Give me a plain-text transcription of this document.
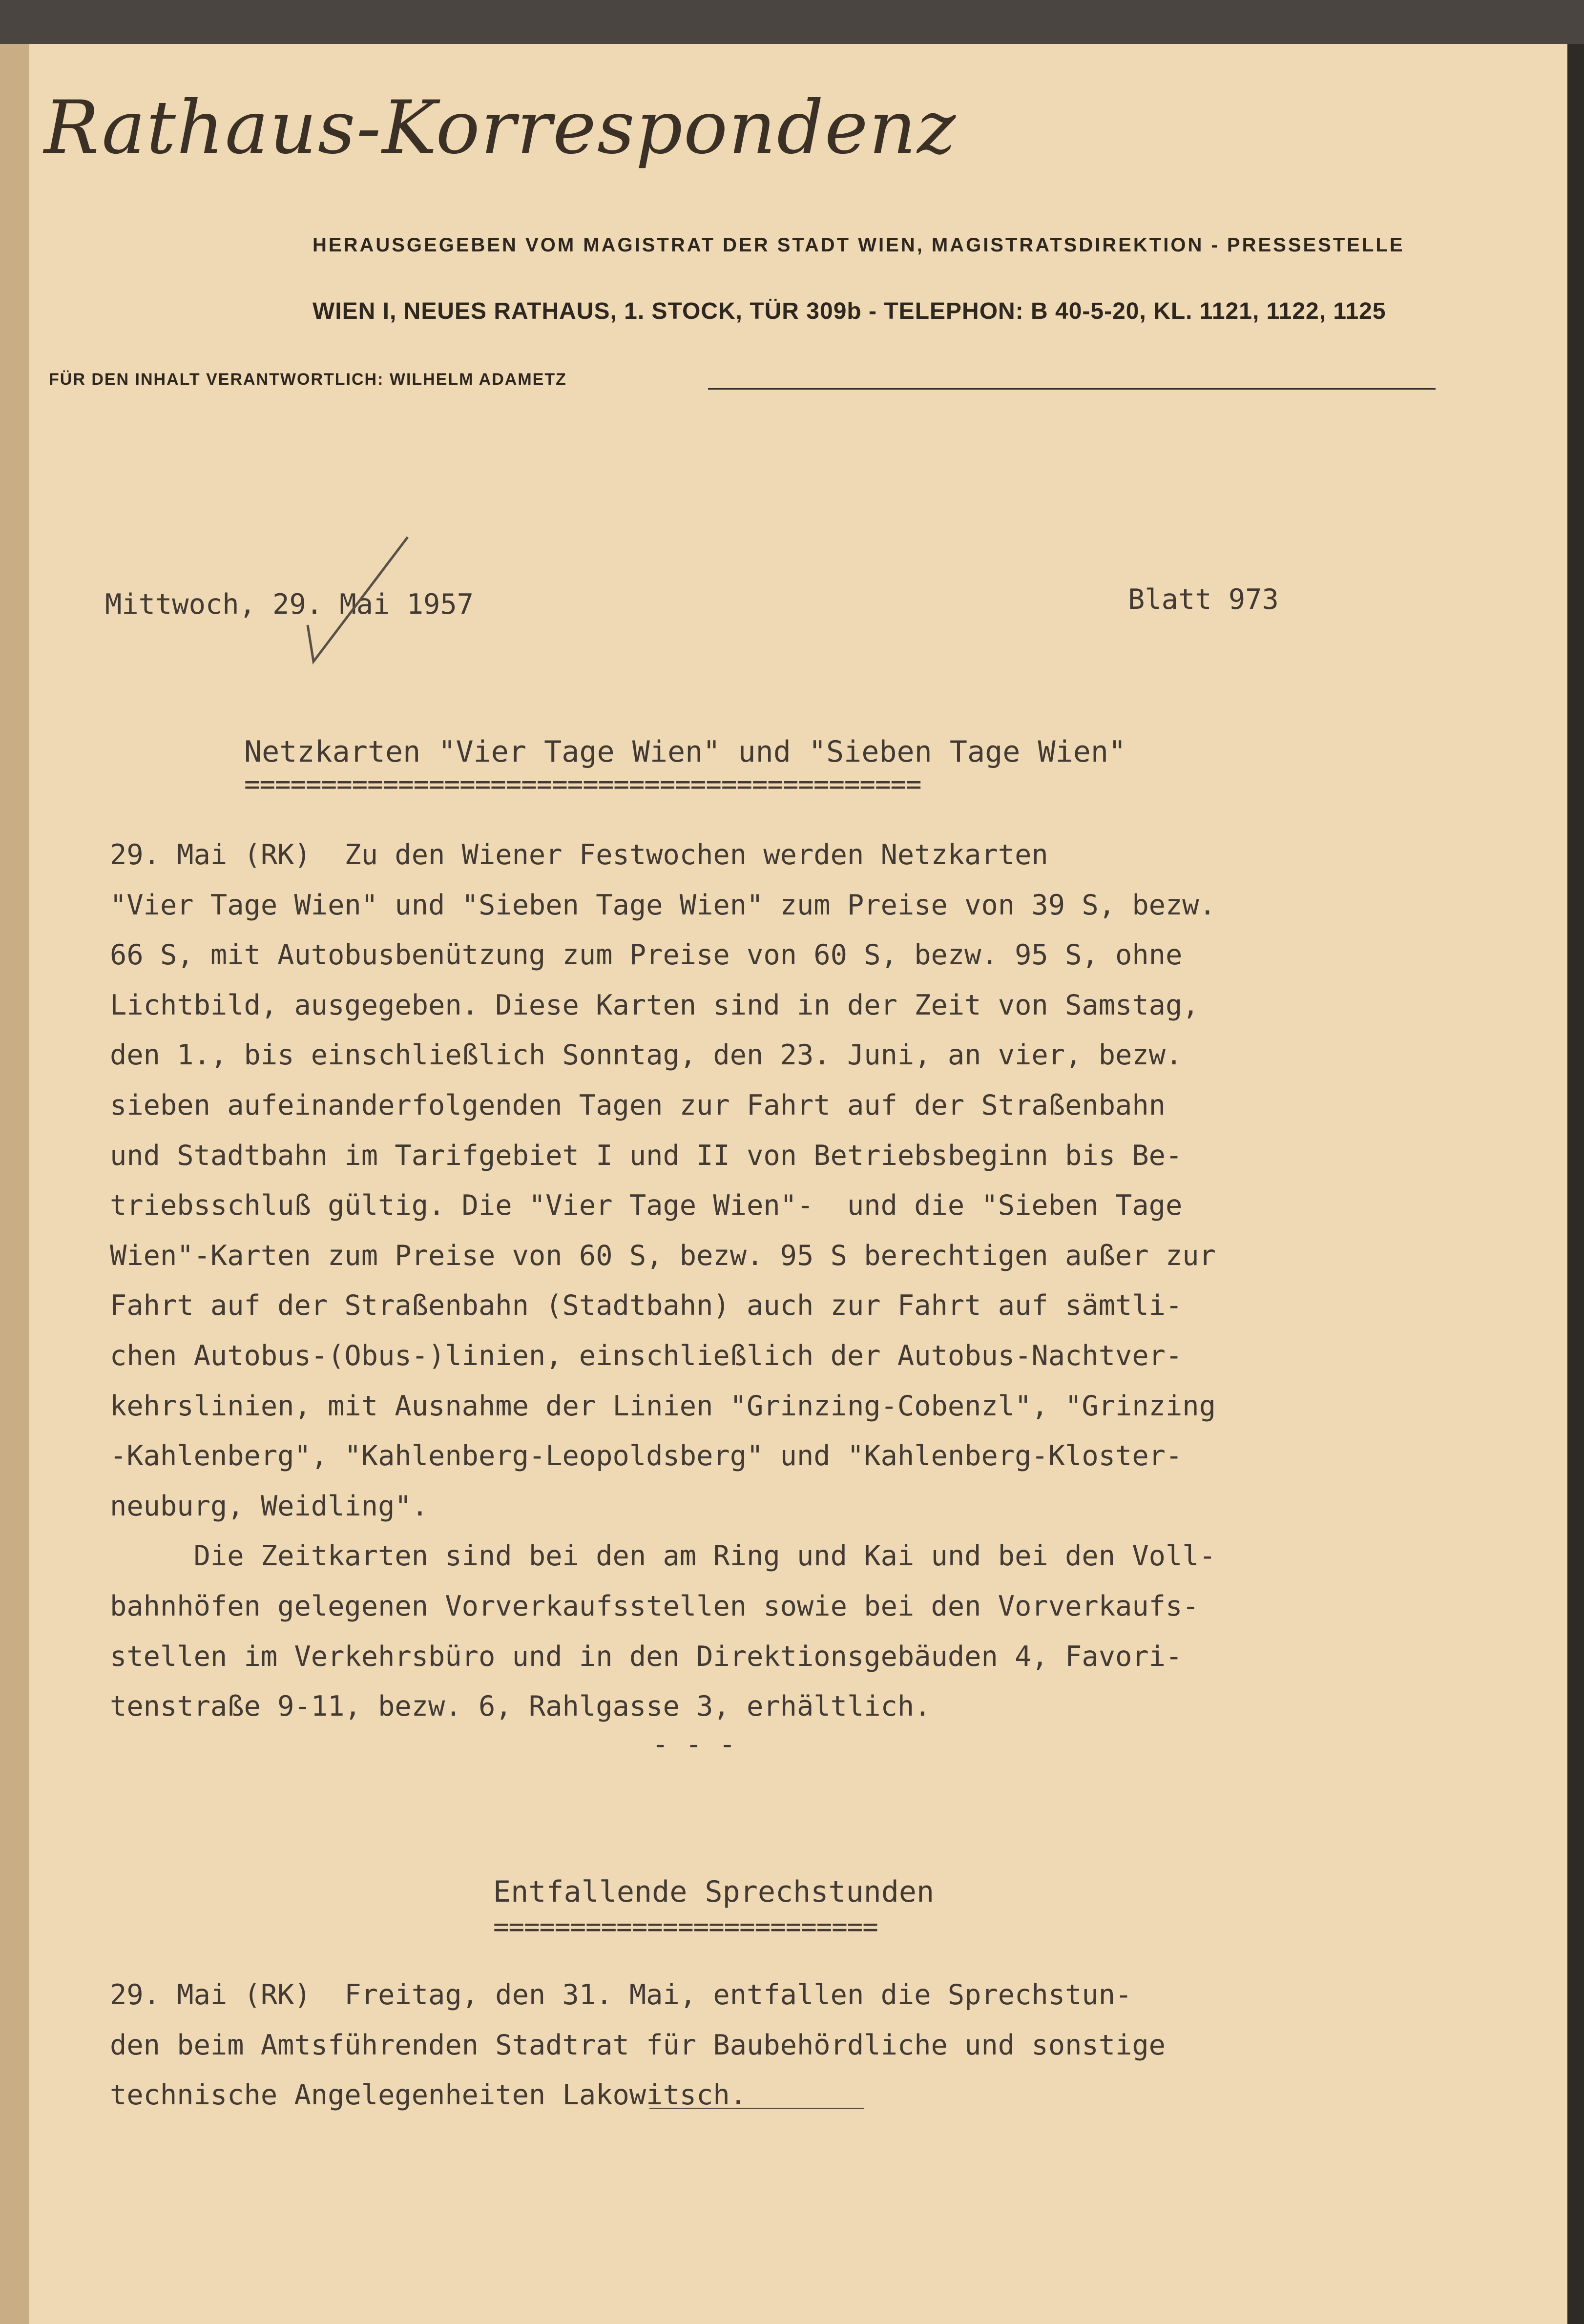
Rathaus-Korrespondenz
HERAUSGEGEBEN VOM MAGISTRAT DER STADT WIEN, MAGISTRATSDIREKTION - PRESSESTELLE
WIEN I, NEUES RATHAUS, 1. STOCK, TÜR 309b - TELEPHON: B 40-5-20, KL. 1121, 1122, 1125
FÜR DEN INHALT VERANTWORTLICH: WILHELM ADAMETZ
Mittwoch, 29. Mai 1957	Blatt 973
Netzkarten "Vier Tage Wien" und "Sieben Tage Wien"
============================================
29. Mai (RK)  Zu den Wiener Festwochen werden Netzkarten
"Vier Tage Wien" und "Sieben Tage Wien" zum Preise von 39 S, bezw.
66 S, mit Autobusbenützung zum Preise von 60 S, bezw. 95 S, ohne
Lichtbild, ausgegeben. Diese Karten sind in der Zeit von Samstag,
den 1., bis einschließlich Sonntag, den 23. Juni, an vier, bezw.
sieben aufeinanderfolgenden Tagen zur Fahrt auf der Straßenbahn
und Stadtbahn im Tarifgebiet I und II von Betriebsbeginn bis Be-
triebsschluß gültig. Die "Vier Tage Wien"-  und die "Sieben Tage
Wien"-Karten zum Preise von 60 S, bezw. 95 S berechtigen außer zur
Fahrt auf der Straßenbahn (Stadtbahn) auch zur Fahrt auf sämtli-
chen Autobus-(Obus-)linien, einschließlich der Autobus-Nachtver-
kehrslinien, mit Ausnahme der Linien "Grinzing-Cobenzl", "Grinzing
-Kahlenberg", "Kahlenberg-Leopoldsberg" und "Kahlenberg-Kloster-
neuburg, Weidling".
Die Zeitkarten sind bei den am Ring und Kai und bei den Voll-
bahnhöfen gelegenen Vorverkaufsstellen sowie bei den Vorverkaufs-
stellen im Verkehrsbüro und in den Direktionsgebäuden 4, Favori-
tenstraße 9-11, bezw. 6, Rahlgasse 3, erhältlich.
- - -
Entfallende Sprechstunden
=========================
29. Mai (RK)  Freitag, den 31. Mai, entfallen die Sprechstun-
den beim Amtsführenden Stadtrat für Baubehördliche und sonstige
technische Angelegenheiten Lakowitsch.
